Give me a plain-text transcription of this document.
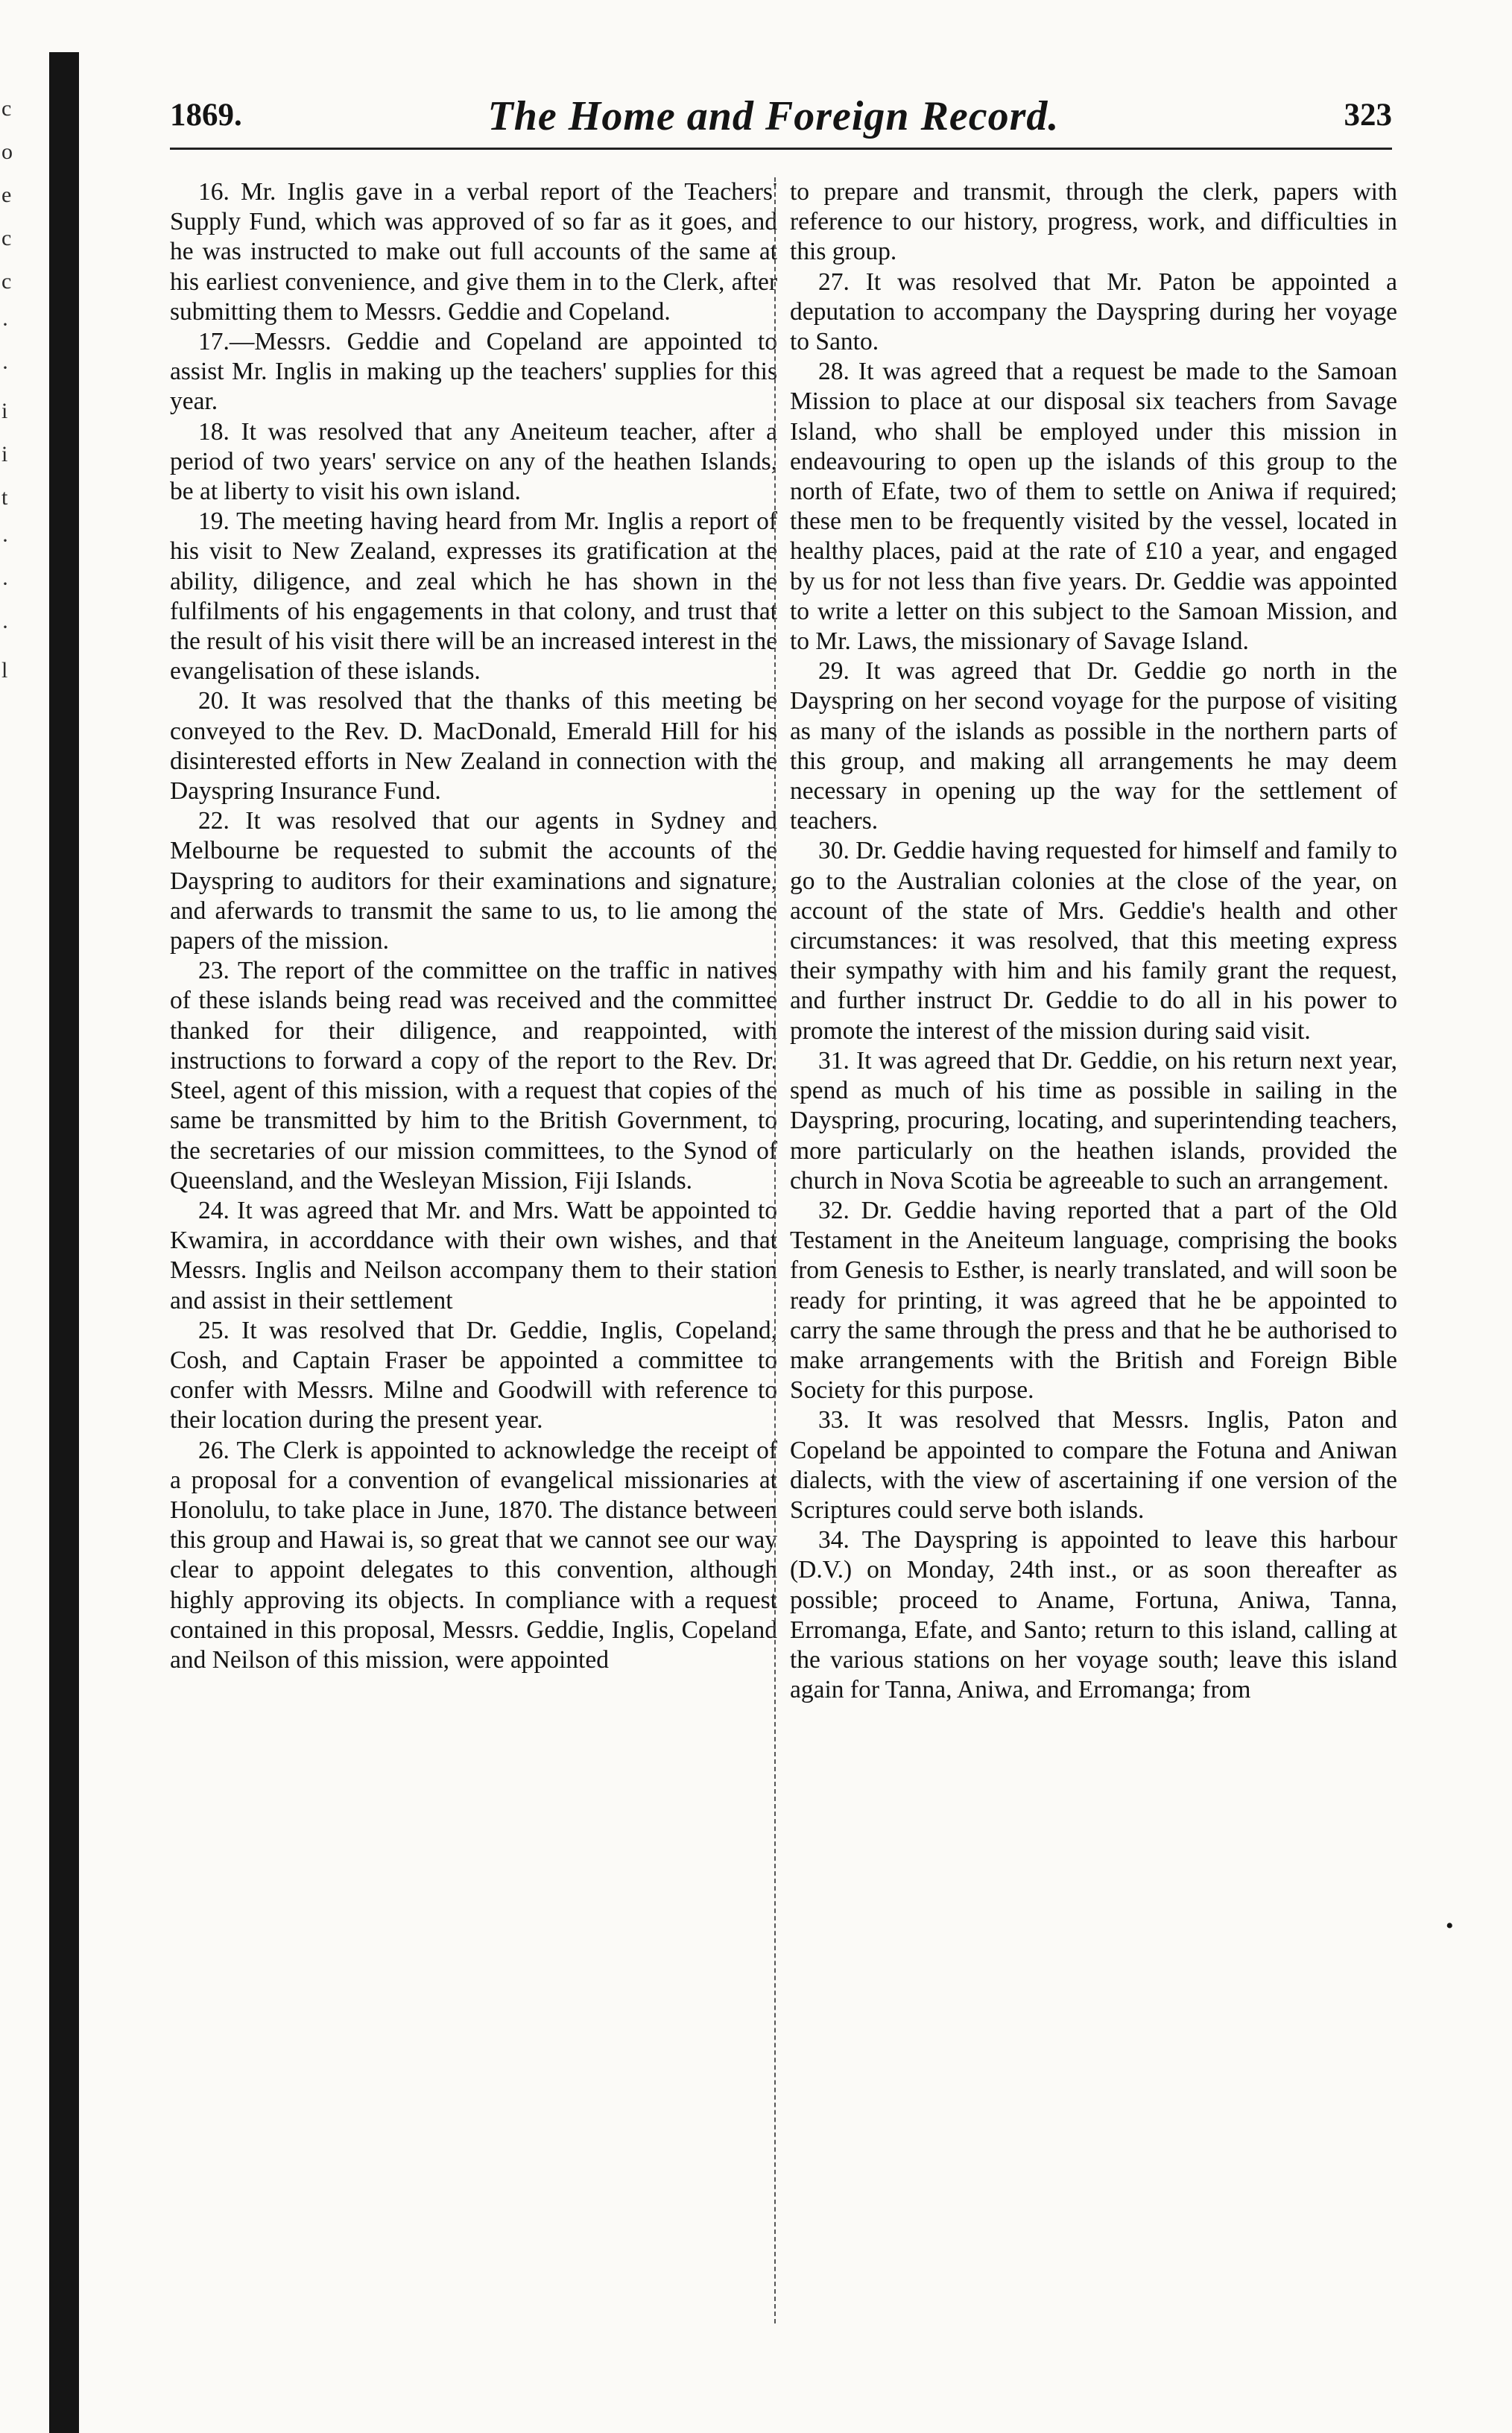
c
o
e
c
c
·
·
i
i
t
·
·
·
l
1869.	The Home and Foreign Record.	323

16. Mr. Inglis gave in a verbal report of the Teachers' Supply Fund, which was approved of so far as it goes, and he was instructed to make out full accounts of the same at his earliest convenience, and give them in to the Clerk, after submitting them to Messrs. Geddie and Copeland.

17.—Messrs. Geddie and Copeland are appointed to assist Mr. Inglis in making up the teachers' supplies for this year.

18. It was resolved that any Aneiteum teacher, after a period of two years' service on any of the heathen Islands, be at liberty to visit his own island.

19. The meeting having heard from Mr. Inglis a report of his visit to New Zealand, expresses its gratification at the ability, diligence, and zeal which he has shown in the fulfilments of his engagements in that colony, and trust that the result of his visit there will be an increased interest in the evangelisation of these islands.

20. It was resolved that the thanks of this meeting be conveyed to the Rev. D. MacDonald, Emerald Hill for his disinterested efforts in New Zealand in connection with the Dayspring Insurance Fund.

22. It was resolved that our agents in Sydney and Melbourne be requested to submit the accounts of the Dayspring to auditors for their examinations and signature, and aferwards to transmit the same to us, to lie among the papers of the mission.

23. The report of the committee on the traffic in natives of these islands being read was received and the committee thanked for their diligence, and reappointed, with instructions to forward a copy of the report to the Rev. Dr. Steel, agent of this mission, with a request that copies of the same be transmitted by him to the British Government, to the secretaries of our mission committees, to the Synod of Queensland, and the Wesleyan Mission, Fiji Islands.

24. It was agreed that Mr. and Mrs. Watt be appointed to Kwamira, in accorddance with their own wishes, and that Messrs. Inglis and Neilson accompany them to their station and assist in their settlement

25. It was resolved that Dr. Geddie, Inglis, Copeland, Cosh, and Captain Fraser be appointed a committee to confer with Messrs. Milne and Goodwill with reference to their location during the present year.

26. The Clerk is appointed to acknowledge the receipt of a proposal for a convention of evangelical missionaries at Honolulu, to take place in June, 1870. The distance between this group and Hawai is, so great that we cannot see our way clear to appoint delegates to this convention, although highly approving its objects. In compliance with a request contained in this proposal, Messrs. Geddie, Inglis, Copeland and Neilson of this mission, were appointed

to prepare and transmit, through the clerk, papers with reference to our history, progress, work, and difficulties in this group.

27. It was resolved that Mr. Paton be appointed a deputation to accompany the Dayspring during her voyage to Santo.

28. It was agreed that a request be made to the Samoan Mission to place at our disposal six teachers from Savage Island, who shall be employed under this mission in endeavouring to open up the islands of this group to the north of Efate, two of them to settle on Aniwa if required; these men to be frequently visited by the vessel, located in healthy places, paid at the rate of £10 a year, and engaged by us for not less than five years. Dr. Geddie was appointed to write a letter on this subject to the Samoan Mission, and to Mr. Laws, the missionary of Savage Island.

29. It was agreed that Dr. Geddie go north in the Dayspring on her second voyage for the purpose of visiting as many of the islands as possible in the northern parts of this group, and making all arrangements he may deem necessary in opening up the way for the settlement of teachers.

30. Dr. Geddie having requested for himself and family to go to the Australian colonies at the close of the year, on account of the state of Mrs. Geddie's health and other circumstances: it was resolved, that this meeting express their sympathy with him and his family grant the request, and further instruct Dr. Geddie to do all in his power to promote the interest of the mission during said visit.

31. It was agreed that Dr. Geddie, on his return next year, spend as much of his time as possible in sailing in the Dayspring, procuring, locating, and superintending teachers, more particularly on the heathen islands, provided the church in Nova Scotia be agreeable to such an arrangement.

32. Dr. Geddie having reported that a part of the Old Testament in the Aneiteum language, comprising the books from Genesis to Esther, is nearly translated, and will soon be ready for printing, it was agreed that he be appointed to carry the same through the press and that he be authorised to make arrangements with the British and Foreign Bible Society for this purpose.

33. It was resolved that Messrs. Inglis, Paton and Copeland be appointed to compare the Fotuna and Aniwan dialects, with the view of ascertaining if one version of the Scriptures could serve both islands.

34. The Dayspring is appointed to leave this harbour (D.V.) on Monday, 24th inst., or as soon thereafter as possible; proceed to Aname, Fortuna, Aniwa, Tanna, Erromanga, Efate, and Santo; return to this island, calling at the various stations on her voyage south; leave this island again for Tanna, Aniwa, and Erromanga; from

•
